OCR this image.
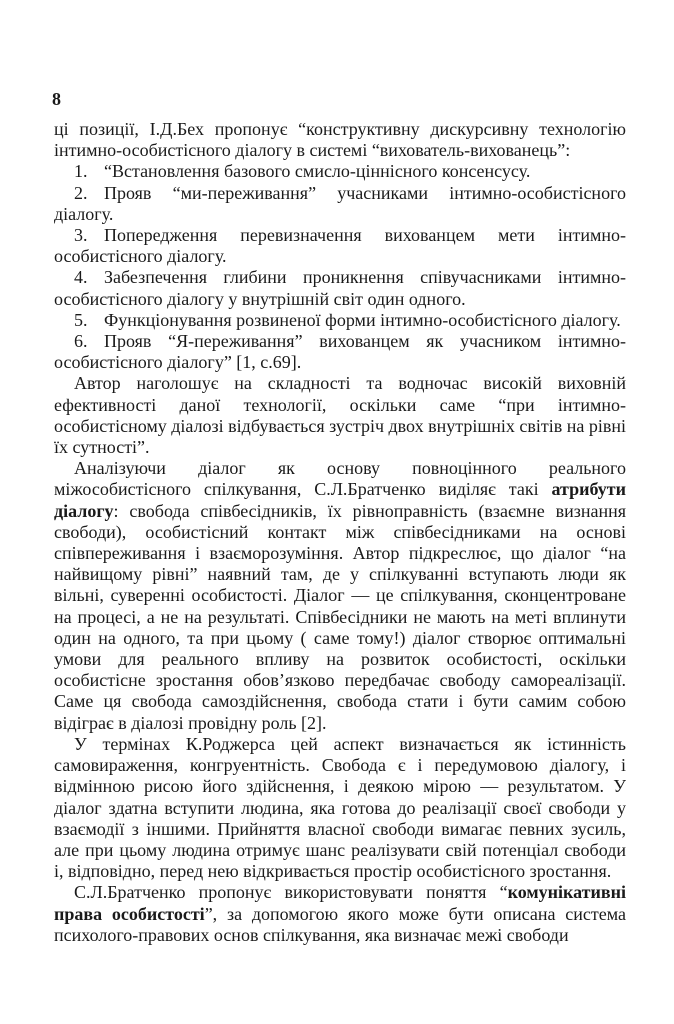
8

ці позиції, І.Д.Бех пропонує “конструктивну дискурсивну технологію інтимно-особистісного діалогу в системі “вихователь-вихованець”:

1. “Встановлення базового смисло-ціннісного консенсусу.

2. Прояв “ми-переживання” учасниками інтимно-особистісного діалогу.

3. Попередження перевизначення вихованцем мети інтимно-особистісного діалогу.

4. Забезпечення глибини проникнення співучасниками інтимно-особистісного діалогу у внутрішній світ один одного.

5. Функціонування розвиненої форми інтимно-особистісного діалогу.

6. Прояв “Я-переживання” вихованцем як учасником інтимно-особистісного діалогу” [1, с.69].

Автор наголошує на складності та водночас високій виховній ефективності даної технології, оскільки саме “при інтимно-особистісному діалозі відбувається зустріч двох внутрішніх світів на рівні їх сутності”.

Аналізуючи діалог як основу повноцінного реального міжособистісного спілкування, С.Л.Братченко виділяє такі атрибути діалогу: свобода співбесідників, їх рівноправність (взаємне визнання свободи), особистісний контакт між співбесідниками на основі співпереживання і взаєморозуміння. Автор підкреслює, що діалог “на найвищому рівні” наявний там, де у спілкуванні вступають люди як вільні, суверенні особистості. Діалог — це спілкування, сконцентроване на процесі, а не на результаті. Співбесідники не мають на меті вплинути один на одного, та при цьому ( саме тому!) діалог створює оптимальні умови для реального впливу на розвиток особистості, оскільки особистісне зростання обов’язково передбачає свободу самореалізації. Саме ця свобода самоздійснення, свобода стати і бути самим собою відіграє в діалозі провідну роль [2].

У термінах К.Роджерса цей аспект визначається як істинність самовираження, конгруентність. Свобода є і передумовою діалогу, і відмінною рисою його здійснення, і деякою мірою — результатом. У діалог здатна вступити людина, яка готова до реалізації своєї свободи у взаємодії з іншими. Прийняття власної свободи вимагає певних зусиль, але при цьому людина отримує шанс реалізувати свій потенціал свободи і, відповідно, перед нею відкривається простір особистісного зростання.

С.Л.Братченко пропонує використовувати поняття “комунікативні права особистості”, за допомогою якого може бути описана система психолого-правових основ спілкування, яка визначає межі свободи
